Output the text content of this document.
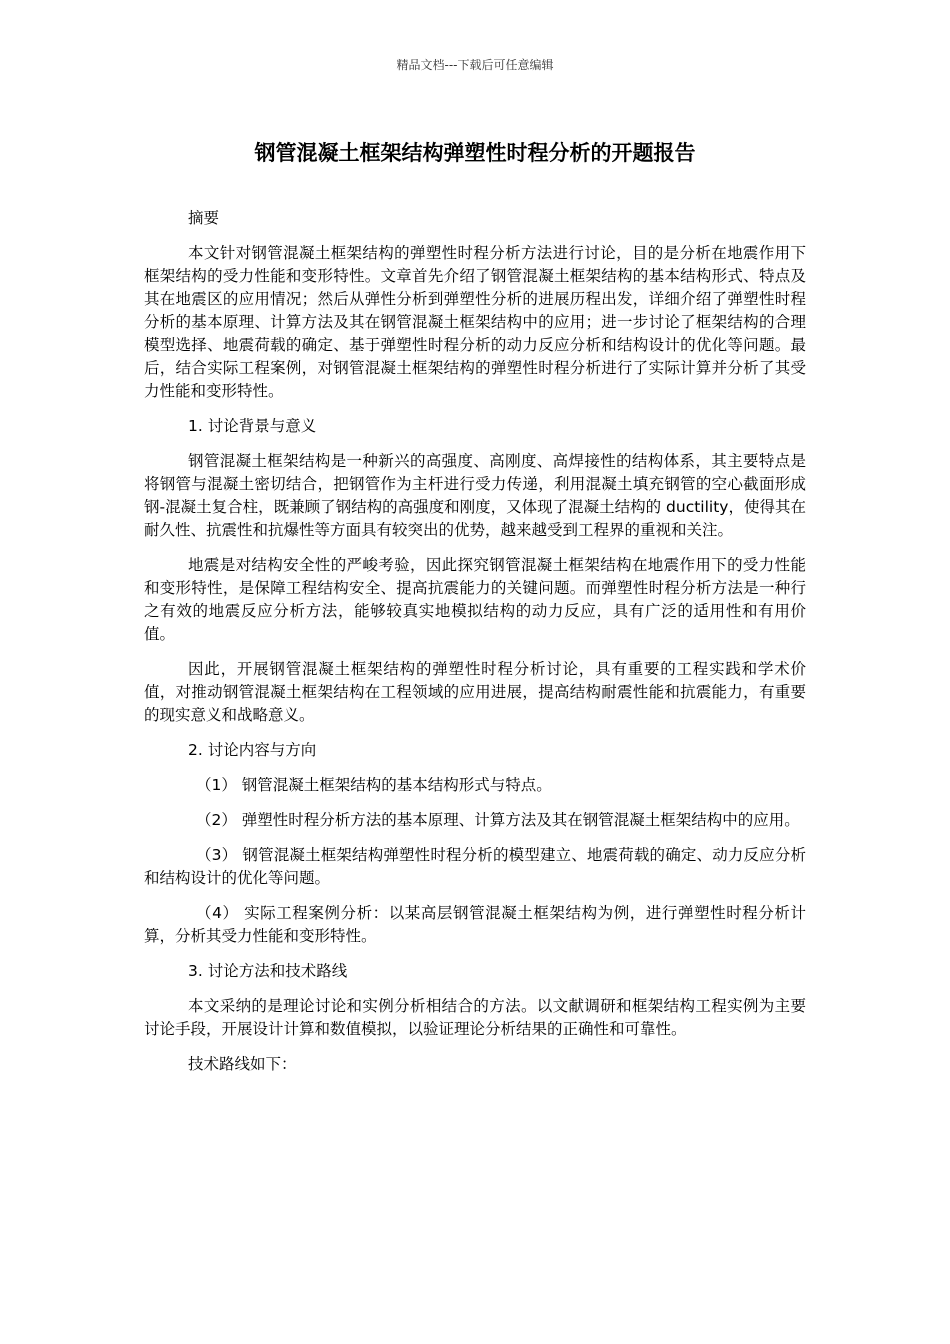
精品文档---下载后可任意编辑
钢管混凝土框架结构弹塑性时程分析的开题报告

摘要

本文针对钢管混凝土框架结构的弹塑性时程分析方法进行讨论，目的是分析在地震作用下框架结构的受力性能和变形特性。文章首先介绍了钢管混凝土框架结构的基本结构形式、特点及其在地震区的应用情况；然后从弹性分析到弹塑性分析的进展历程出发，详细介绍了弹塑性时程分析的基本原理、计算方法及其在钢管混凝土框架结构中的应用；进一步讨论了框架结构的合理模型选择、地震荷载的确定、基于弹塑性时程分析的动力反应分析和结构设计的优化等问题。最后，结合实际工程案例，对钢管混凝土框架结构的弹塑性时程分析进行了实际计算并分析了其受力性能和变形特性。

1. 讨论背景与意义

钢管混凝土框架结构是一种新兴的高强度、高刚度、高焊接性的结构体系，其主要特点是将钢管与混凝土密切结合，把钢管作为主杆进行受力传递，利用混凝土填充钢管的空心截面形成钢-混凝土复合柱，既兼顾了钢结构的高强度和刚度，又体现了混凝土结构的 ductility，使得其在耐久性、抗震性和抗爆性等方面具有较突出的优势，越来越受到工程界的重视和关注。

地震是对结构安全性的严峻考验，因此探究钢管混凝土框架结构在地震作用下的受力性能和变形特性，是保障工程结构安全、提高抗震能力的关键问题。而弹塑性时程分析方法是一种行之有效的地震反应分析方法，能够较真实地模拟结构的动力反应，具有广泛的适用性和有用价值。

因此，开展钢管混凝土框架结构的弹塑性时程分析讨论，具有重要的工程实践和学术价值，对推动钢管混凝土框架结构在工程领域的应用进展，提高结构耐震性能和抗震能力，有重要的现实意义和战略意义。

2. 讨论内容与方向

（1） 钢管混凝土框架结构的基本结构形式与特点。

（2） 弹塑性时程分析方法的基本原理、计算方法及其在钢管混凝土框架结构中的应用。

（3） 钢管混凝土框架结构弹塑性时程分析的模型建立、地震荷载的确定、动力反应分析和结构设计的优化等问题。

（4） 实际工程案例分析：以某高层钢管混凝土框架结构为例，进行弹塑性时程分析计算，分析其受力性能和变形特性。

3. 讨论方法和技术路线

本文采纳的是理论讨论和实例分析相结合的方法。以文献调研和框架结构工程实例为主要讨论手段，开展设计计算和数值模拟，以验证理论分析结果的正确性和可靠性。

技术路线如下：
